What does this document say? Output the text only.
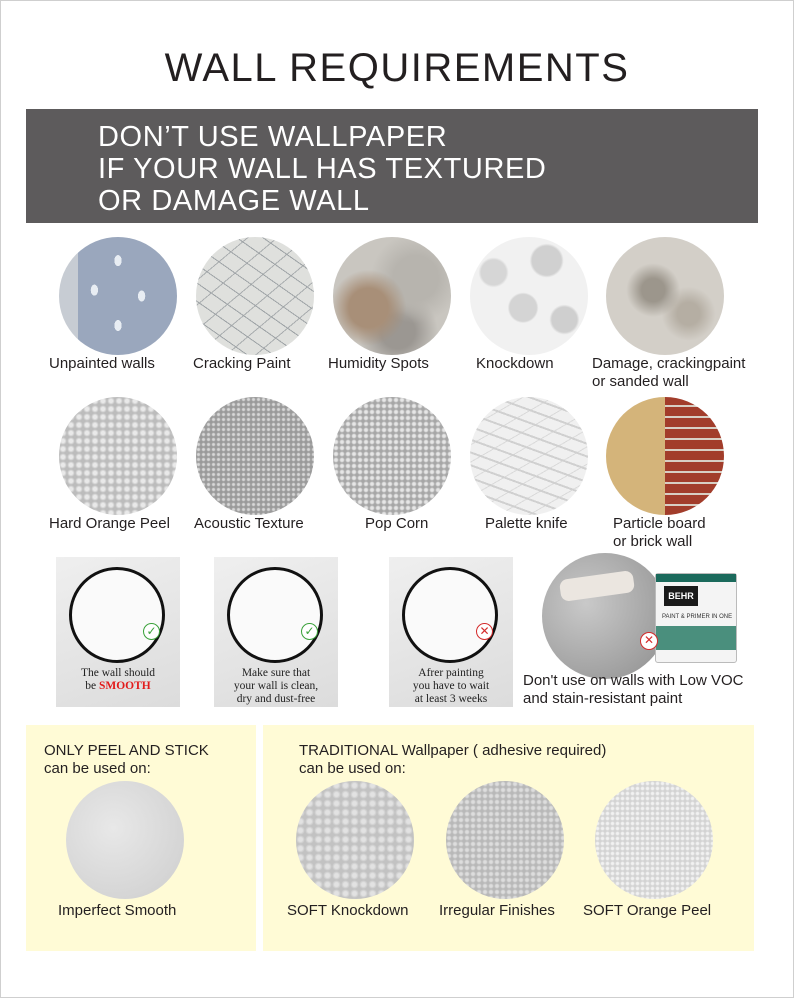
WALL REQUIREMENTS
DON’T USE WALLPAPER
IF YOUR WALL HAS TEXTURED
OR DAMAGE WALL
Unpainted walls	Cracking Paint Humidity Spots	Knockdown	Damage, crackingpaint
or sanded wall
Hard Orange Peel Acoustic Texture	Pop Corn	Palette knife	Particle board
or brick wall
✓
The wall should
be SMOOTH
✓
Make sure that
your wall is clean,
dry and dust-free
✕
Afrer painting
you have to wait
at least 3 weeks
BEHR
PAINT & PRIMER IN ONE
✕
Don't use on walls with Low VOC
and stain-resistant paint
ONLY PEEL AND STICK
can be used on:
Imperfect Smooth
TRADITIONAL Wallpaper ( adhesive required)
can be used on:
SOFT Knockdown Irregular Finishes SOFT Orange Peel
